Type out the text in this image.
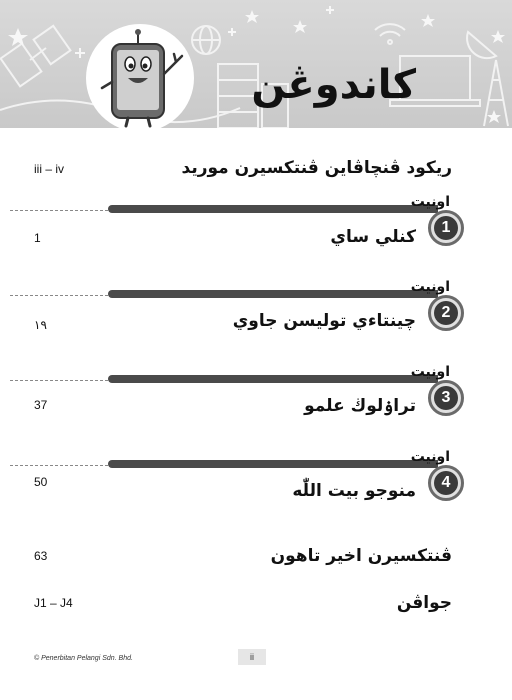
كاندوڠن
ريكود ڤنچاڤاين ڤنتكسيرن موريد
iii – iv
اونيت
1
كنلي ساي
1
اونيت
2
چينتاءي توليسن جاوي
١٩
اونيت
3
تراۏلوڬ علمو
37
اونيت
4
منوجو بيت اللّٰه
50
ڤنتكسيرن اخير تاهون
63
جواڤن
J1 – J4
© Penerbitan Pelangi Sdn. Bhd.	ii
